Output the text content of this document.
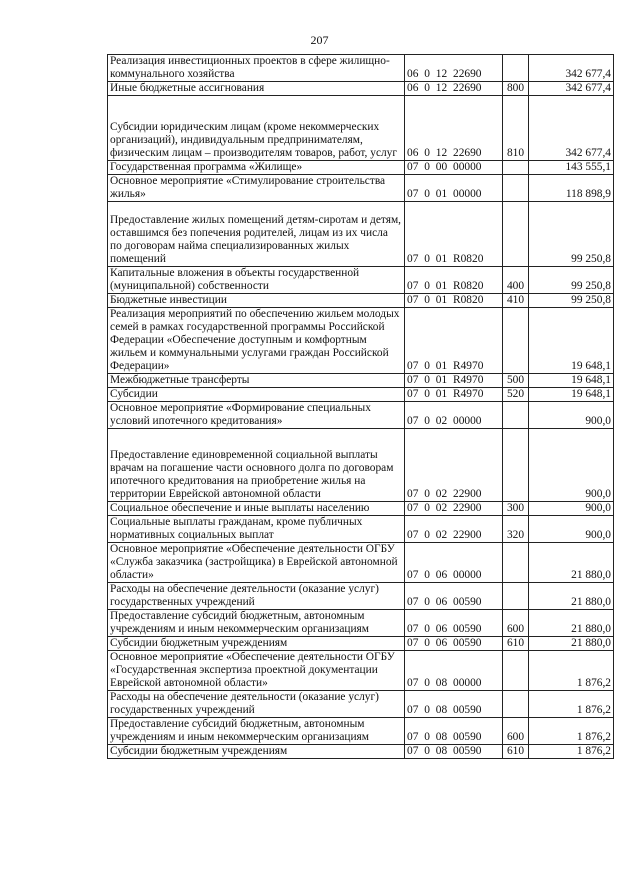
207
Реализация инвестиционных проектов в сфере жилищно-коммунального хозяйства	06 0 12 22690		342 677,4
Иные бюджетные ассигнования	06 0 12 22690	800	342 677,4
Субсидии юридическим лицам (кроме некоммерческих организаций), индивидуальным предпринимателям, физическим лицам – производителям товаров, работ, услуг	06 0 12 22690	810	342 677,4
Государственная программа «Жилище»	07 0 00 00000		143 555,1
Основное мероприятие «Стимулирование строительства жилья»	07 0 01 00000		118 898,9
Предоставление жилых помещений детям-сиротам и детям, оставшимся без попечения родителей, лицам из их числа по договорам найма специализированных жилых помещений	07 0 01 R0820		99 250,8
Капитальные вложения в объекты государственной (муниципальной) собственности	07 0 01 R0820	400	99 250,8
Бюджетные инвестиции	07 0 01 R0820	410	99 250,8
Реализация мероприятий по обеспечению жильем молодых семей в рамках государственной программы Российской Федерации «Обеспечение доступным и комфортным жильем и коммунальными услугами граждан Российской Федерации»	07 0 01 R4970		19 648,1
Межбюджетные трансферты	07 0 01 R4970	500	19 648,1
Субсидии	07 0 01 R4970	520	19 648,1
Основное мероприятие «Формирование специальных условий ипотечного кредитования»	07 0 02 00000		900,0
Предоставление единовременной социальной выплаты врачам на погашение части основного долга по договорам ипотечного кредитования на приобретение жилья на территории Еврейской автономной области	07 0 02 22900		900,0
Социальное обеспечение и иные выплаты населению	07 0 02 22900	300	900,0
Социальные выплаты гражданам, кроме публичных нормативных социальных выплат	07 0 02 22900	320	900,0
Основное мероприятие «Обеспечение деятельности ОГБУ «Служба заказчика (застройщика) в Еврейской автономной области»	07 0 06 00000		21 880,0
Расходы на обеспечение деятельности (оказание услуг) государственных учреждений	07 0 06 00590		21 880,0
Предоставление субсидий бюджетным, автономным учреждениям и иным некоммерческим организациям	07 0 06 00590	600	21 880,0
Субсидии бюджетным учреждениям	07 0 06 00590	610	21 880,0
Основное мероприятие «Обеспечение деятельности ОГБУ «Государственная экспертиза проектной документации Еврейской автономной области»	07 0 08 00000		1 876,2
Расходы на обеспечение деятельности (оказание услуг) государственных учреждений	07 0 08 00590		1 876,2
Предоставление субсидий бюджетным, автономным учреждениям и иным некоммерческим организациям	07 0 08 00590	600	1 876,2
Субсидии бюджетным учреждениям	07 0 08 00590	610	1 876,2
